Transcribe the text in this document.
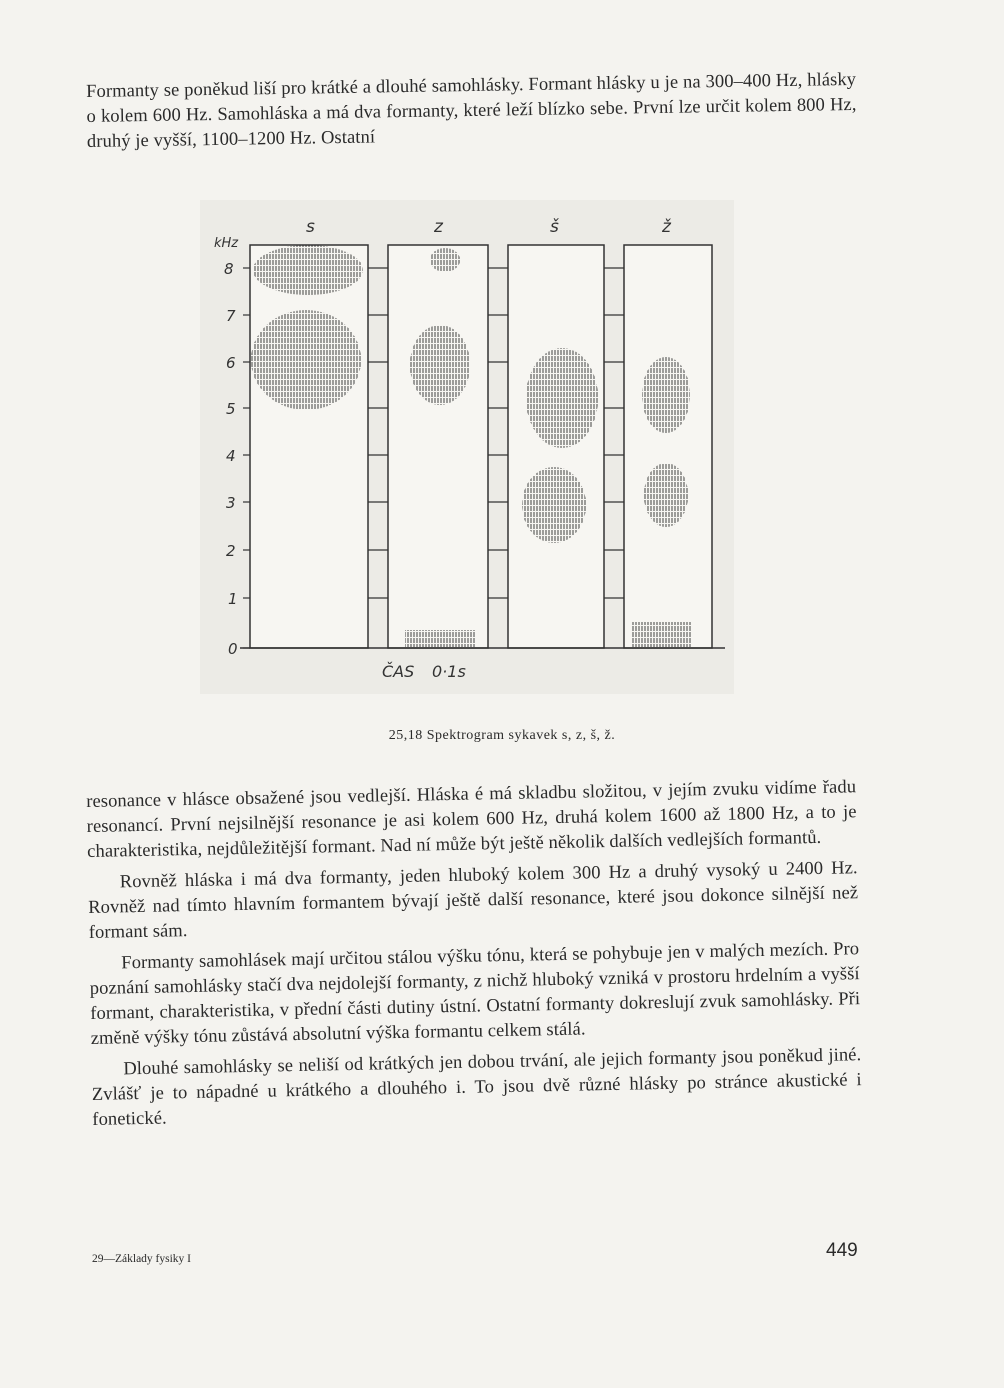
Formanty se poněkud liší pro krátké a dlouhé samohlásky. Formant hlásky u je na 300–400 Hz, hlásky o kolem 600 Hz. Samohláska a má dva formanty, které leží blízko sebe. První lze určit kolem 800 Hz, druhý je vyšší, 1100–1200 Hz. Ostatní

kHz
8
7
6
5
4
3
2
1
0
s	z	š	ž
ČAS 0·1s
25,18 Spektrogram sykavek s, z, š, ž.

resonance v hlásce obsažené jsou vedlejší. Hláska é má skladbu složitou, v jejím zvuku vidíme řadu resonancí. První nejsilnější resonance je asi kolem 600 Hz, druhá kolem 1600 až 1800 Hz, a to je charakteristika, nejdůležitější formant. Nad ní může být ještě několik dalších vedlejších formantů.

Rovněž hláska i má dva formanty, jeden hluboký kolem 300 Hz a druhý vysoký u 2400 Hz. Rovněž nad tímto hlavním formantem bývají ještě další resonance, které jsou dokonce silnější než formant sám.

Formanty samohlásek mají určitou stálou výšku tónu, která se pohybuje jen v malých mezích. Pro poznání samohlásky stačí dva nejdolejší formanty, z nichž hluboký vzniká v prostoru hrdelním a vyšší formant, charakteristika, v přední části dutiny ústní. Ostatní formanty dokreslují zvuk samohlásky. Při změně výšky tónu zůstává absolutní výška formantu celkem stálá.

Dlouhé samohlásky se neliší od krátkých jen dobou trvání, ale jejich formanty jsou poněkud jiné. Zvlášť je to nápadné u krátkého a dlouhého i. To jsou dvě různé hlásky po stránce akustické i fonetické.

29—Základy fysiky I	449
